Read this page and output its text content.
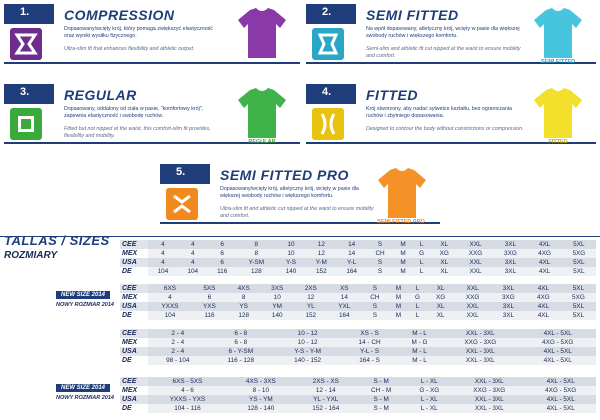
1. COMPRESSION

Dopasowany/wcięty krój, który pomaga zwiększyć elastyczność oraz wyniki wysiłku fizycznego.

Ultra-slim fit that enhances flexibility and athletic output.

2. SEMI FITTED

Na wpół dopasowany, atletyczny krój, wcięty w pasie dla większej swobody ruchów i większego komfortu.

Semi-slim and athletic fit cut nipped at the waist to ensure mobility and comfort.

SEMI FITTED
3. REGULAR

Dopasowany, oddalony od ciała w pasie, "komfortowy krój", zapewnia elastyczność i swobodę ruchów.

Fitted but not nipped at the waist, this comfort-slim fit provides, flexibility and mobility.

REGULAR
4. FITTED

Krój stworzony, aby nadać sylwetce kształtu, bez ograniczania ruchów i zbytniego dopasowania.

Designed to contour the body without constrictions or compression.

FITTED
5. SEMI FITTED PRO

Dopasowany/wcięty krój, atletyczny krój, wcięty w pasie dla większej swobody ruchów i większego komfortu.

Ultra-slim fit and athletic cut nipped at the waist to ensure mobility and comfort.

SEMI FITTED PRO
TALLAS / SIZES
ROZMIARY
CEE	4	4	6	8	10	12	14	S	M	L	XL	XXL	3XL	4XL	5XL
MEX	4	4	6	8	10	12	14	CH	M	G	XG	XXG	3XG	4XG	5XG
USA	4	4	6	Y-SM	Y-S	Y-M	Y-L	S	M	L	XL	XXL	3XL	4XL	5XL
DE	104	104	116	128	140	152	164	S	M	L	XL	XXL	3XL	4XL	5XL
NEW SIZE 2014
NOWY ROZMIAR 2014
CEE	6XS	5XS	4XS	3XS	2XS	XS	S	M	L	XL	XXL	3XL	4XL	5XL
MEX	4	6	8	10	12	14	CH	M	G	XG	XXG	3XG	4XG	5XG
USA	YXXS	YXS	YS	YM	YL	YXL	S	M	L	XL	XXL	3XL	4XL	5XL
DE	104	116	128	140	152	164	S	M	L	XL	XXL	3XL	4XL	5XL
CEE	2 - 4	6 - 8	10 - 12	XS - S	M - L	XXL - 3XL	4XL - 5XL
MEX	2 - 4	6 - 8	10 - 12	14 - CH	M - G	XXG - 3XG	4XG - 5XG
USA	2 - 4	6 - Y-SM	Y-S - Y-M	Y-L - S	M - L	XXL - 3XL	4XL - 5XL
DE	98 - 104	116 - 128	140 - 152	164 - S	M - L	XXL - 3XL	4XL - 5XL
NEW SIZE 2014
NOWY ROZMIAR 2014
CEE	6XS - 5XS	4XS - 3XS	2XS - XS	S - M	L - XL	XXL - 3XL	4XL - 5XL
MEX	4 - 6	8 - 10	12 - 14	CH - M	G - XG	XXG - 3XG	4XG - 5XG
USA	YXXS - YXS	YS - YM	YL - YXL	S - M	L - XL	XXL - 3XL	4XL - 5XL
DE	104 - 116	128 - 140	152 - 164	S - M	L - XL	XXL - 3XL	4XL - 5XL
